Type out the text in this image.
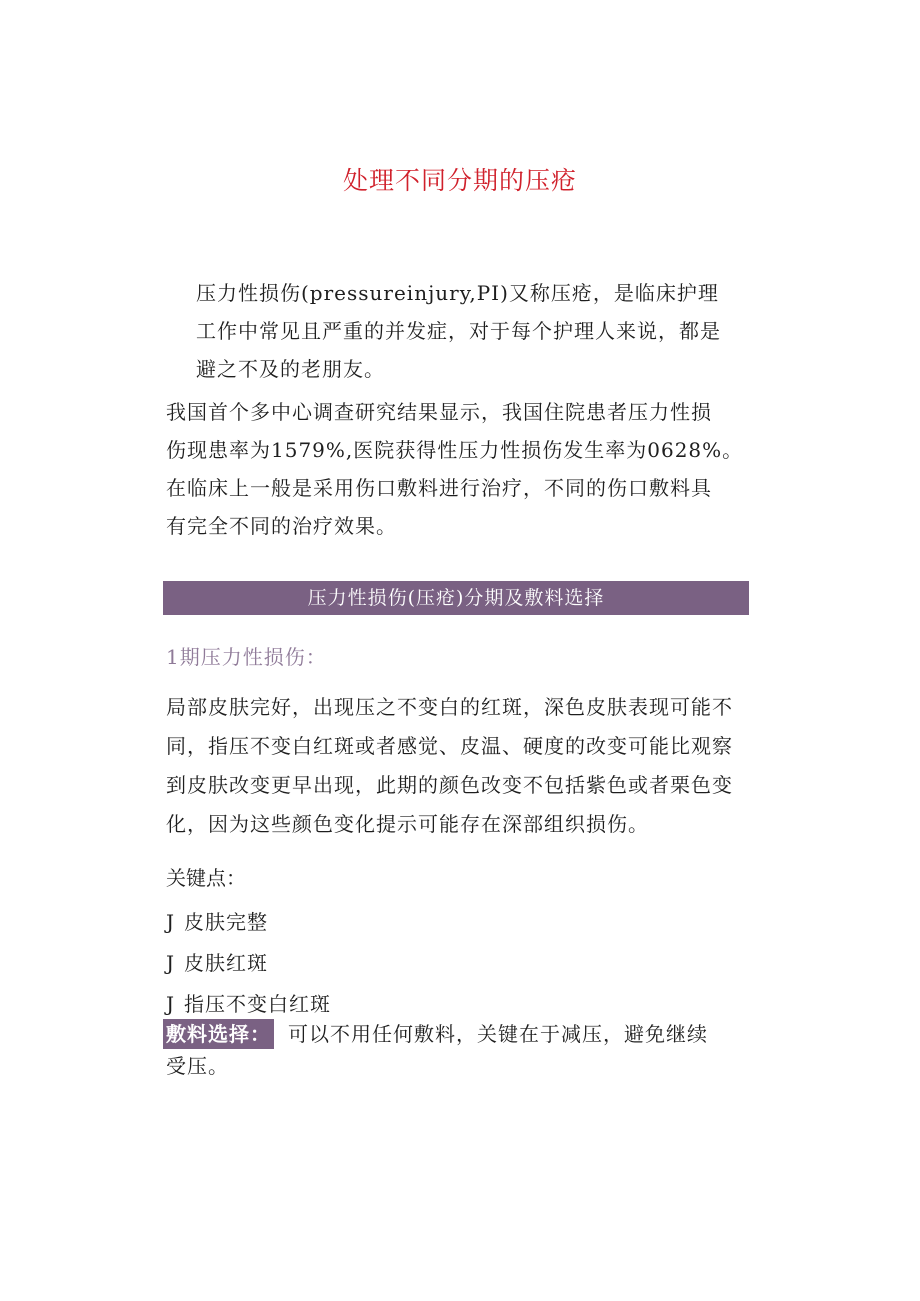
处理不同分期的压疮

压力性损伤(pressureinjury,PI)又称压疮，是临床护理

工作中常见且严重的并发症，对于每个护理人来说，都是

避之不及的老朋友。

我国首个多中心调查研究结果显示，我国住院患者压力性损

伤现患率为1579%,医院获得性压力性损伤发生率为0628%。

在临床上一般是采用伤口敷料进行治疗，不同的伤口敷料具

有完全不同的治疗效果。

压力性损伤(压疮)分期及敷料选择
1期压力性损伤：

局部皮肤完好，出现压之不变白的红斑，深色皮肤表现可能不

同，指压不变白红斑或者感觉、皮温、硬度的改变可能比观察

到皮肤改变更早出现，此期的颜色改变不包括紫色或者栗色变

化，因为这些颜色变化提示可能存在深部组织损伤。

关键点：
J 皮肤完整
J 皮肤红斑
J 指压不变白红斑
敷料选择： 可以不用任何敷料，关键在于减压，避免继续
受压。
